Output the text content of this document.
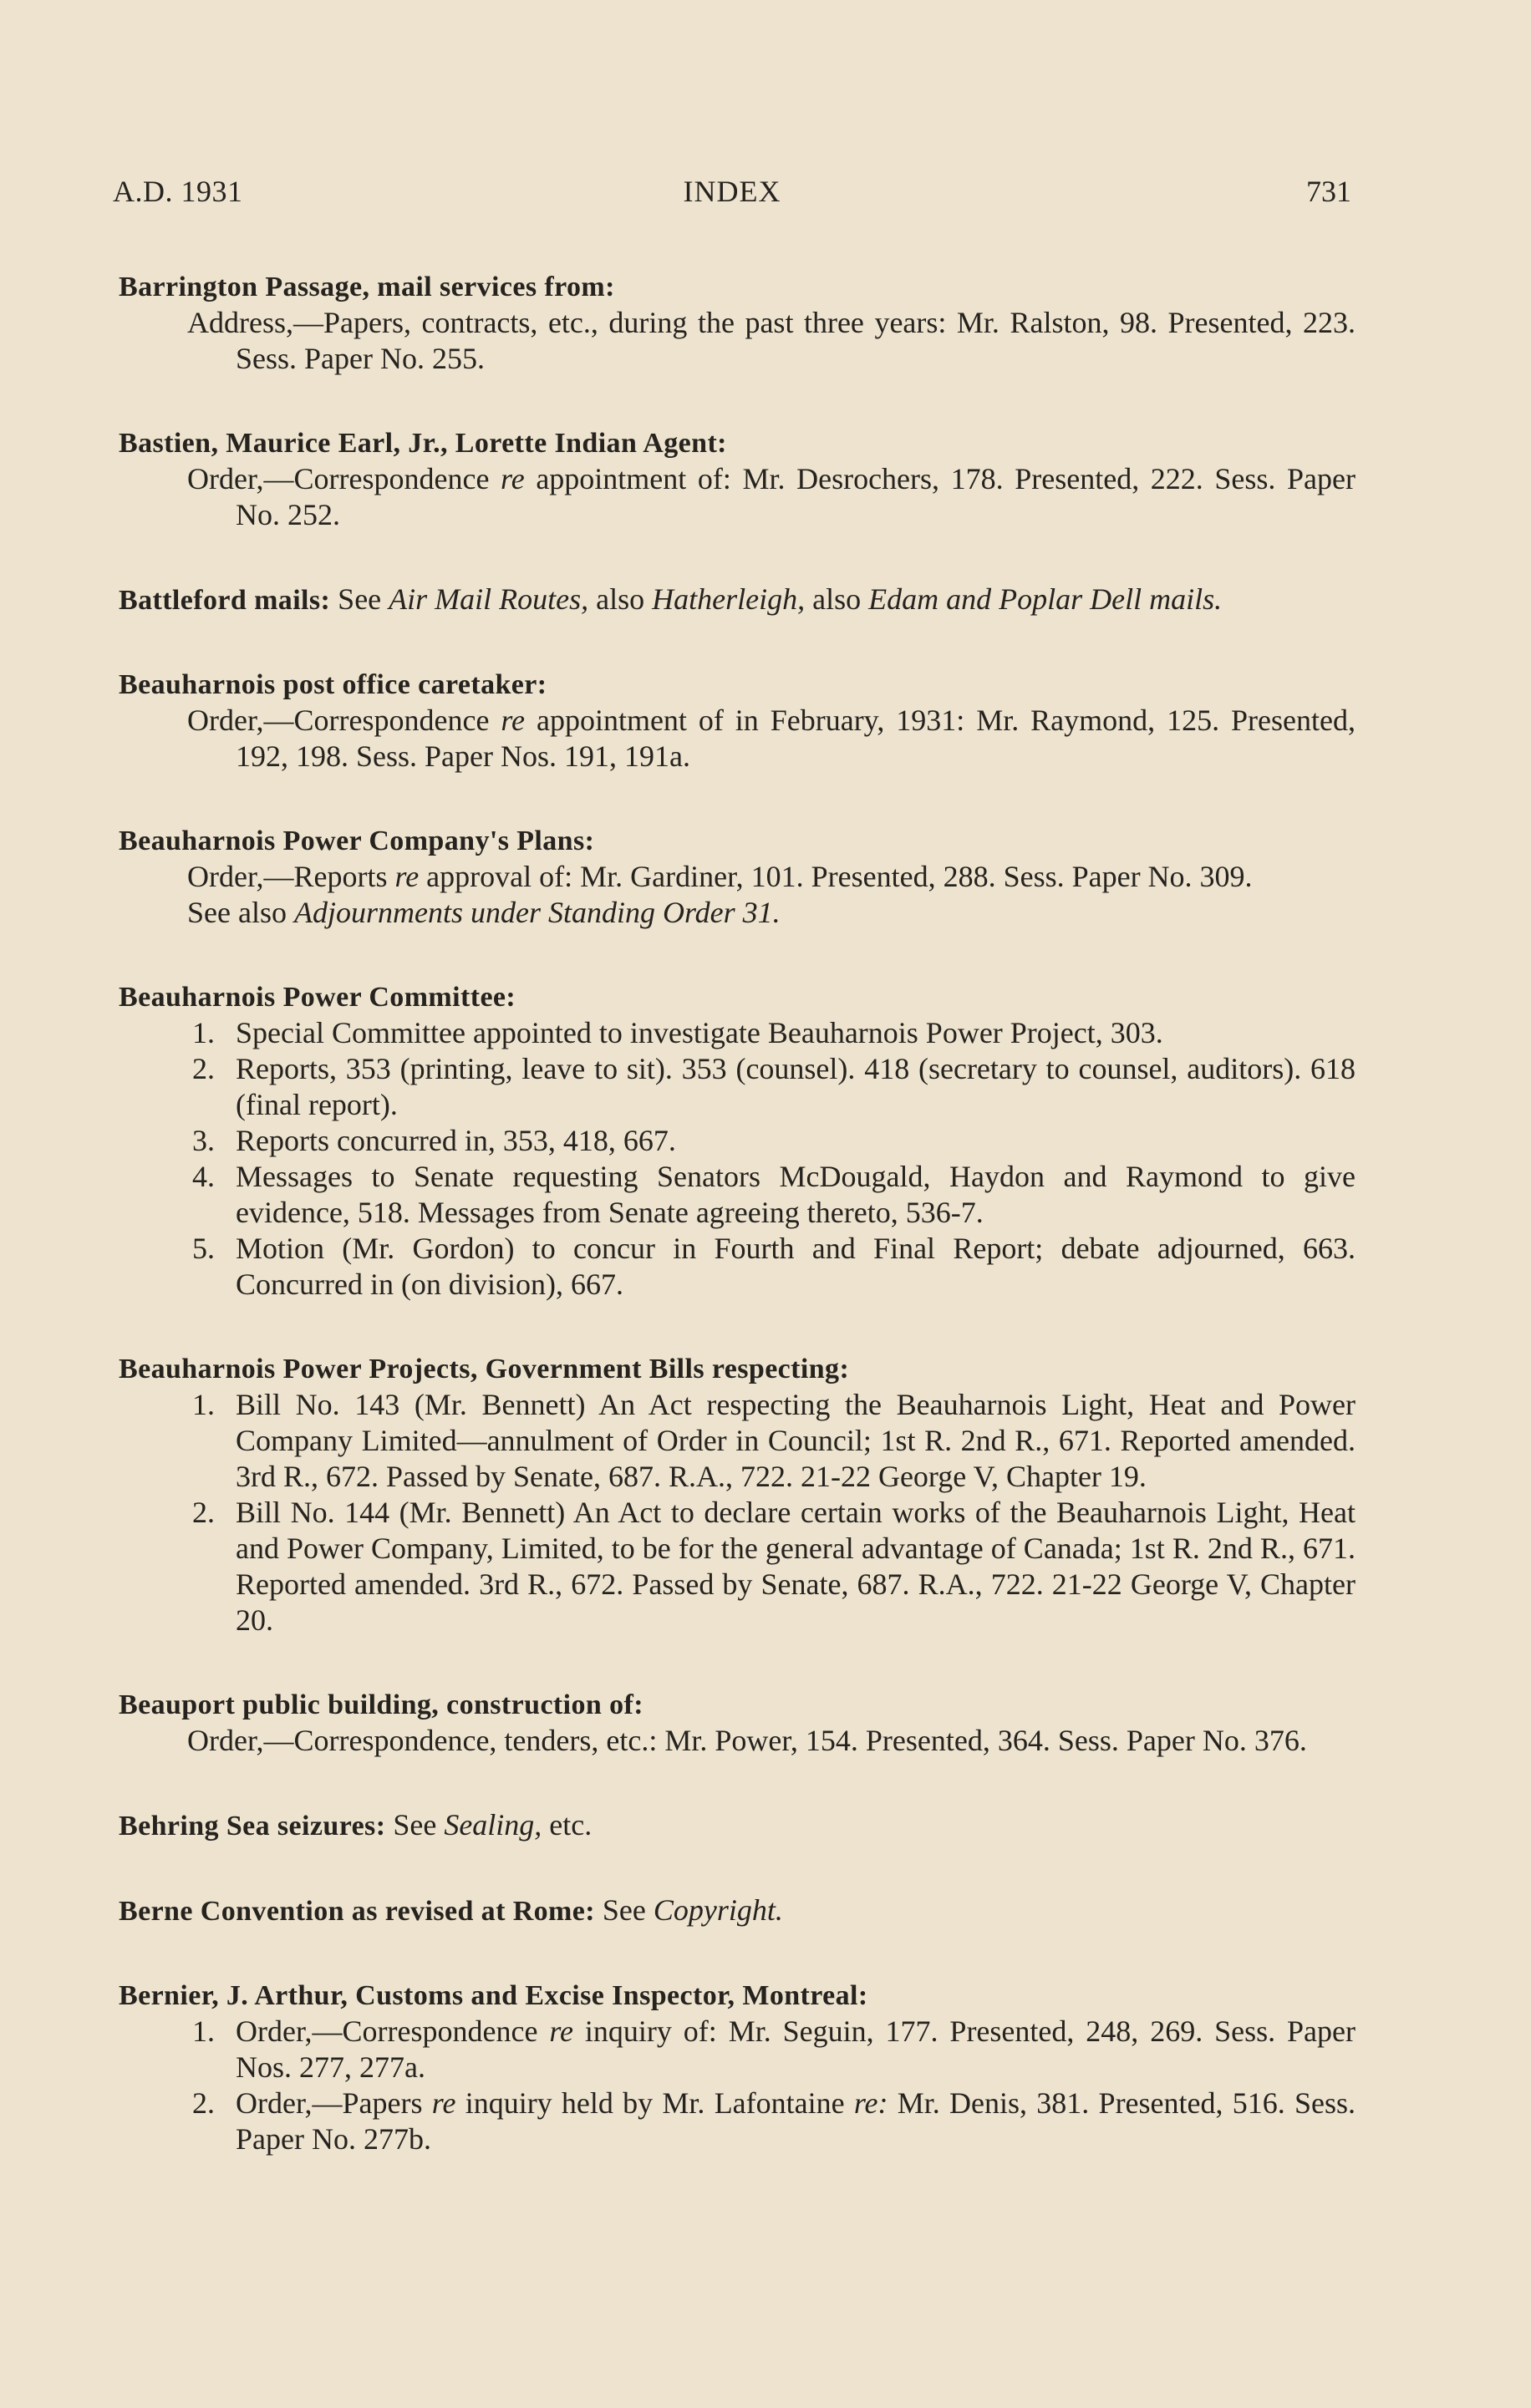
A.D. 1931	INDEX	731
Barrington Passage, mail services from:
Address,—Papers, contracts, etc., during the past three years: Mr. Ralston, 98. Presented, 223. Sess. Paper No. 255.
Bastien, Maurice Earl, Jr., Lorette Indian Agent:
Order,—Correspondence re appointment of: Mr. Desrochers, 178. Presented, 222. Sess. Paper No. 252.
Battleford mails: See Air Mail Routes, also Hatherleigh, also Edam and Poplar Dell mails.
Beauharnois post office caretaker:
Order,—Correspondence re appointment of in February, 1931: Mr. Raymond, 125. Presented, 192, 198. Sess. Paper Nos. 191, 191a.
Beauharnois Power Company's Plans:
Order,—Reports re approval of: Mr. Gardiner, 101. Presented, 288. Sess. Paper No. 309.
See also Adjournments under Standing Order 31.
Beauharnois Power Committee:
1. Special Committee appointed to investigate Beauharnois Power Project, 303.
2. Reports, 353 (printing, leave to sit). 353 (counsel). 418 (secretary to counsel, auditors). 618 (final report).
3. Reports concurred in, 353, 418, 667.
4. Messages to Senate requesting Senators McDougald, Haydon and Raymond to give evidence, 518. Messages from Senate agreeing thereto, 536-7.
5. Motion (Mr. Gordon) to concur in Fourth and Final Report; debate adjourned, 663. Concurred in (on division), 667.
Beauharnois Power Projects, Government Bills respecting:
1. Bill No. 143 (Mr. Bennett) An Act respecting the Beauharnois Light, Heat and Power Company Limited—annulment of Order in Council; 1st R. 2nd R., 671. Reported amended. 3rd R., 672. Passed by Senate, 687. R.A., 722. 21-22 George V, Chapter 19.
2. Bill No. 144 (Mr. Bennett) An Act to declare certain works of the Beauharnois Light, Heat and Power Company, Limited, to be for the general advantage of Canada; 1st R. 2nd R., 671. Reported amended. 3rd R., 672. Passed by Senate, 687. R.A., 722. 21-22 George V, Chapter 20.
Beauport public building, construction of:
Order,—Correspondence, tenders, etc.: Mr. Power, 154. Presented, 364. Sess. Paper No. 376.
Behring Sea seizures: See Sealing, etc.
Berne Convention as revised at Rome: See Copyright.
Bernier, J. Arthur, Customs and Excise Inspector, Montreal:
1. Order,—Correspondence re inquiry of: Mr. Seguin, 177. Presented, 248, 269. Sess. Paper Nos. 277, 277a.
2. Order,—Papers re inquiry held by Mr. Lafontaine re: Mr. Denis, 381. Presented, 516. Sess. Paper No. 277b.
